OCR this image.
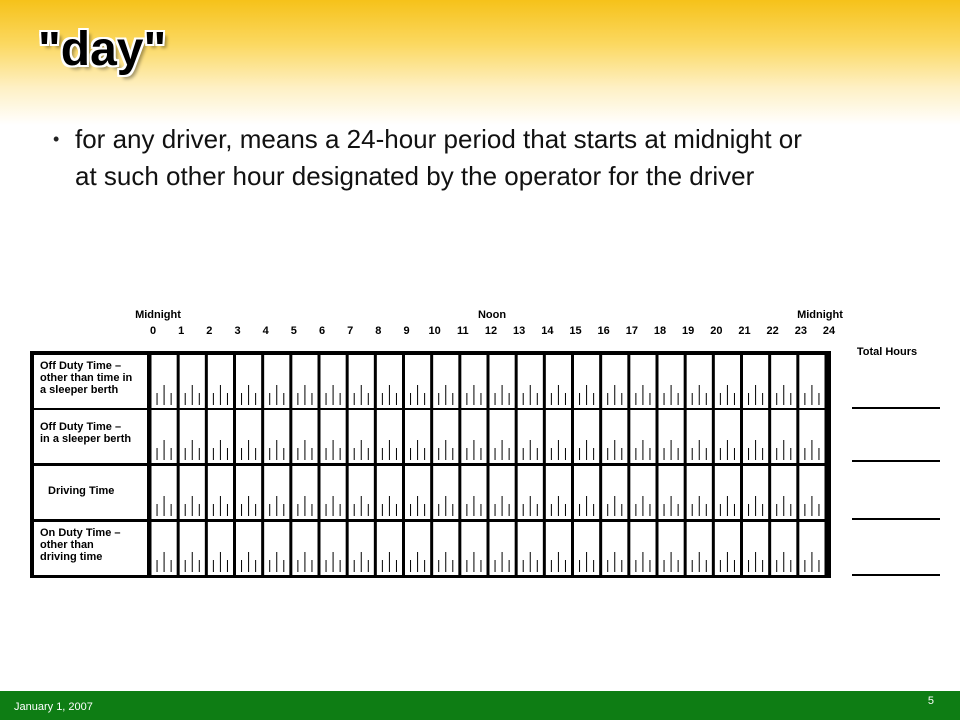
"day"
• for any driver, means a 24-hour period that starts at midnight or at such other hour designated by the operator for the driver

Midnight	Noon	Midnight
0 1 2 3 4 5 6 7 8 9 10 11 12 13 14 15 16 17 18 19 20 21 22 23 24
Total Hours
Off Duty Time –
other than time in
a sleeper berth
Off Duty Time –
in a sleeper berth
Driving Time
On Duty Time –
other than
driving time
January 1, 2007	5
